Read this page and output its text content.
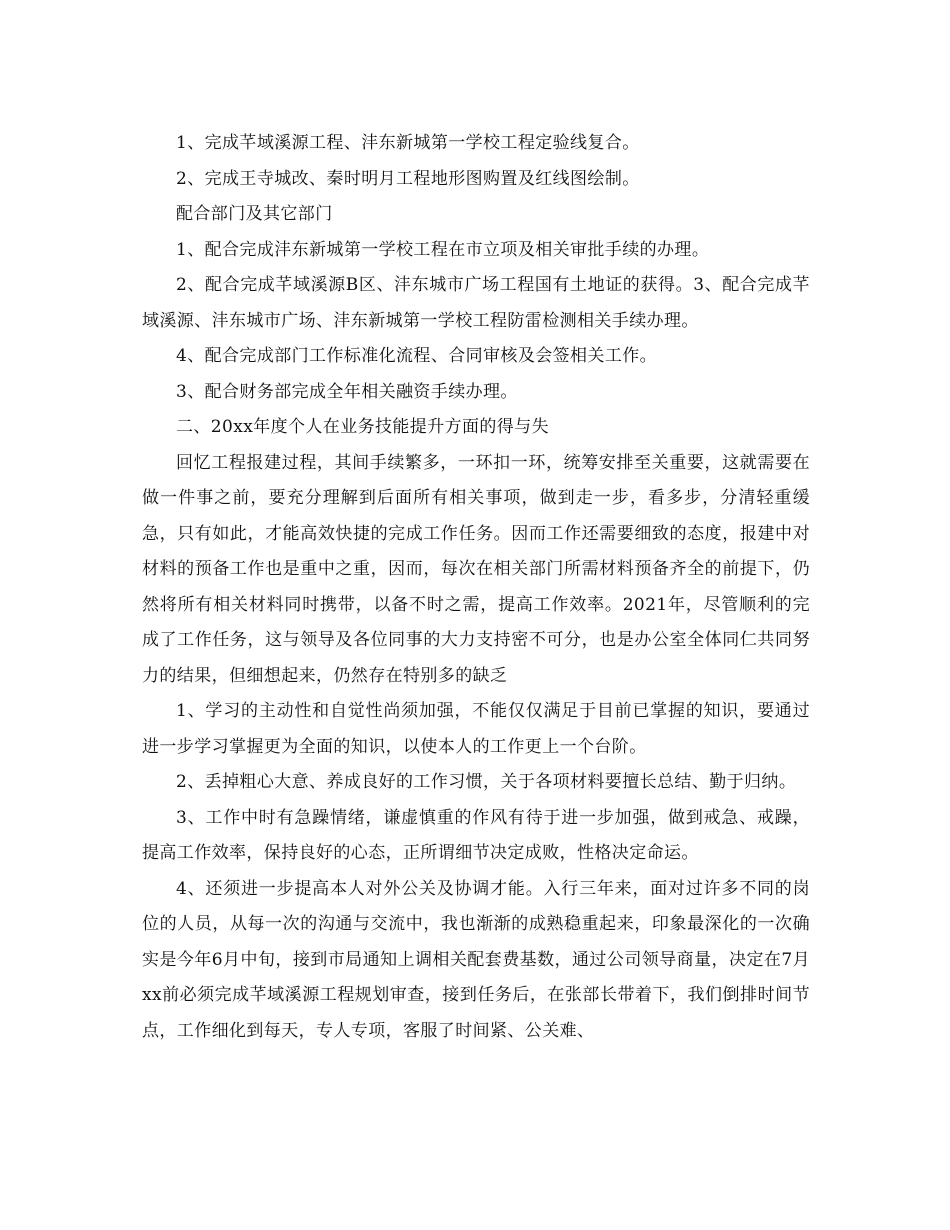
1、完成芊域溪源工程、沣东新城第一学校工程定验线复合。

2、完成王寺城改、秦时明月工程地形图购置及红线图绘制。

配合部门及其它部门

1、配合完成沣东新城第一学校工程在市立项及相关审批手续的办理。

2、配合完成芊域溪源B区、沣东城市广场工程国有土地证的获得。3、配合完成芊域溪源、沣东城市广场、沣东新城第一学校工程防雷检测相关手续办理。

4、配合完成部门工作标准化流程、合同审核及会签相关工作。

3、配合财务部完成全年相关融资手续办理。

二、20xx年度个人在业务技能提升方面的得与失

回忆工程报建过程，其间手续繁多，一环扣一环，统筹安排至关重要，这就需要在做一件事之前，要充分理解到后面所有相关事项，做到走一步，看多步，分清轻重缓急，只有如此，才能高效快捷的完成工作任务。因而工作还需要细致的态度，报建中对材料的预备工作也是重中之重，因而，每次在相关部门所需材料预备齐全的前提下，仍然将所有相关材料同时携带，以备不时之需，提高工作效率。2021年，尽管顺利的完成了工作任务，这与领导及各位同事的大力支持密不可分，也是办公室全体同仁共同努力的结果，但细想起来，仍然存在特别多的缺乏

1、学习的主动性和自觉性尚须加强，不能仅仅满足于目前已掌握的知识，要通过进一步学习掌握更为全面的知识，以使本人的工作更上一个台阶。

2、丢掉粗心大意、养成良好的工作习惯，关于各项材料要擅长总结、勤于归纳。

3、工作中时有急躁情绪，谦虚慎重的作风有待于进一步加强，做到戒急、戒躁，提高工作效率，保持良好的心态，正所谓细节决定成败，性格决定命运。

4、还须进一步提高本人对外公关及协调才能。入行三年来，面对过许多不同的岗位的人员，从每一次的沟通与交流中，我也渐渐的成熟稳重起来，印象最深化的一次确实是今年6月中旬，接到市局通知上调相关配套费基数，通过公司领导商量，决定在7月xx前必须完成芊域溪源工程规划审查，接到任务后，在张部长带着下，我们倒排时间节点，工作细化到每天，专人专项，客服了时间紧、公关难、
